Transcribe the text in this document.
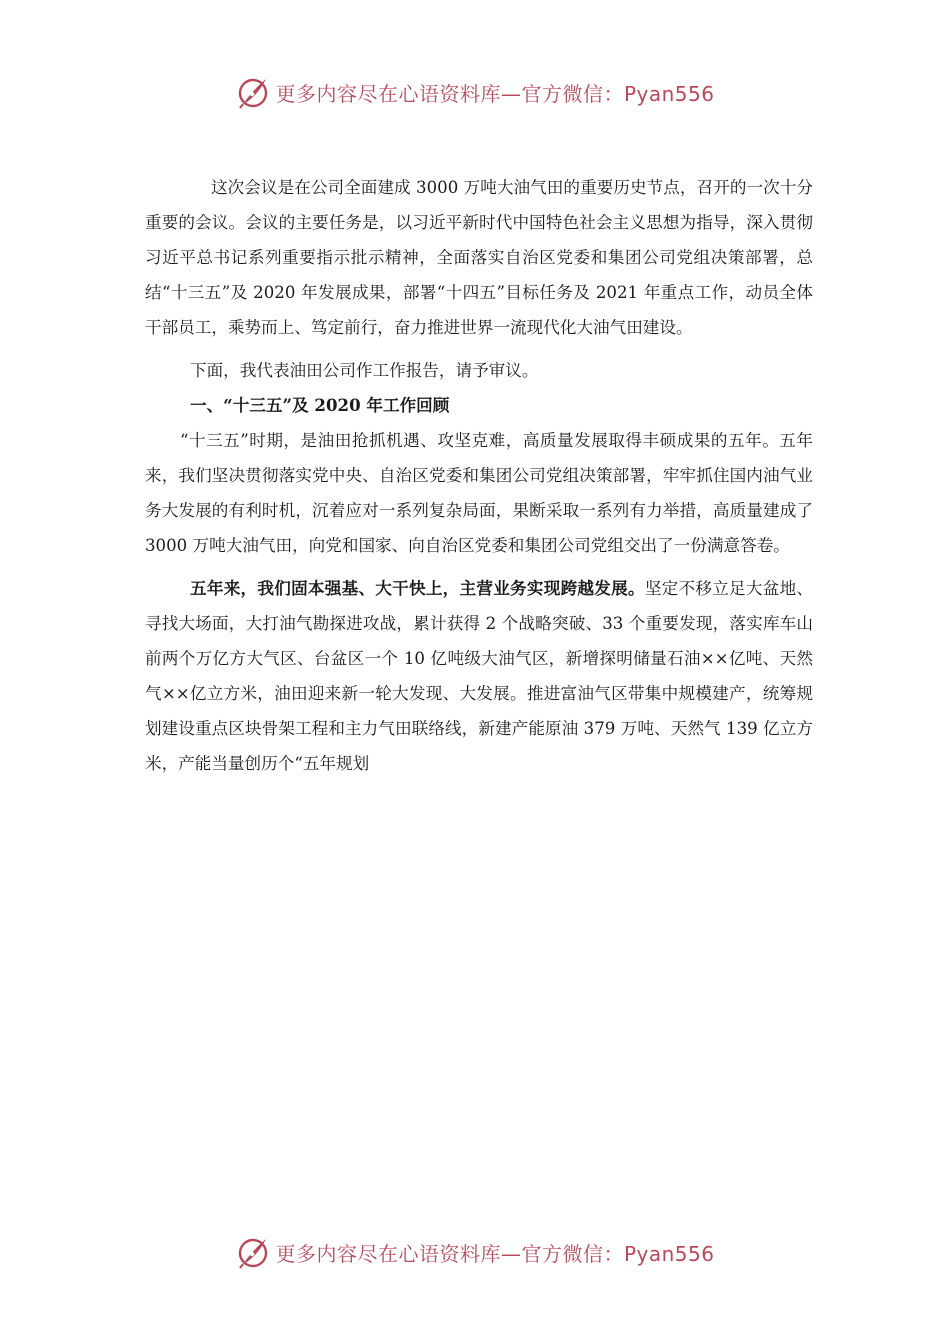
更多内容尽在心语资料库—官方微信：Pyan556

这次会议是在公司全面建成 3000 万吨大油气田的重要历史节点，召开的一次十分重要的会议。会议的主要任务是，以习近平新时代中国特色社会主义思想为指导，深入贯彻习近平总书记系列重要指示批示精神，全面落实自治区党委和集团公司党组决策部署，总结“十三五”及 2020 年发展成果，部署“十四五”目标任务及 2021 年重点工作，动员全体干部员工，乘势而上、笃定前行，奋力推进世界一流现代化大油气田建设。

下面，我代表油田公司作工作报告，请予审议。

一、“十三五”及 2020 年工作回顾

“十三五”时期，是油田抢抓机遇、攻坚克难，高质量发展取得丰硕成果的五年。五年来，我们坚决贯彻落实党中央、自治区党委和集团公司党组决策部署，牢牢抓住国内油气业务大发展的有利时机，沉着应对一系列复杂局面，果断采取一系列有力举措，高质量建成了 3000 万吨大油气田，向党和国家、向自治区党委和集团公司党组交出了一份满意答卷。

五年来，我们固本强基、大干快上，主营业务实现跨越发展。坚定不移立足大盆地、寻找大场面，大打油气勘探进攻战，累计获得 2 个战略突破、33 个重要发现，落实库车山前两个万亿方大气区、台盆区一个 10 亿吨级大油气区，新增探明储量石油××亿吨、天然气××亿立方米，油田迎来新一轮大发现、大发展。推进富油气区带集中规模建产，统筹规划建设重点区块骨架工程和主力气田联络线，新建产能原油 379 万吨、天然气 139 亿立方米，产能当量创历个“五年规划

更多内容尽在心语资料库—官方微信：Pyan556
